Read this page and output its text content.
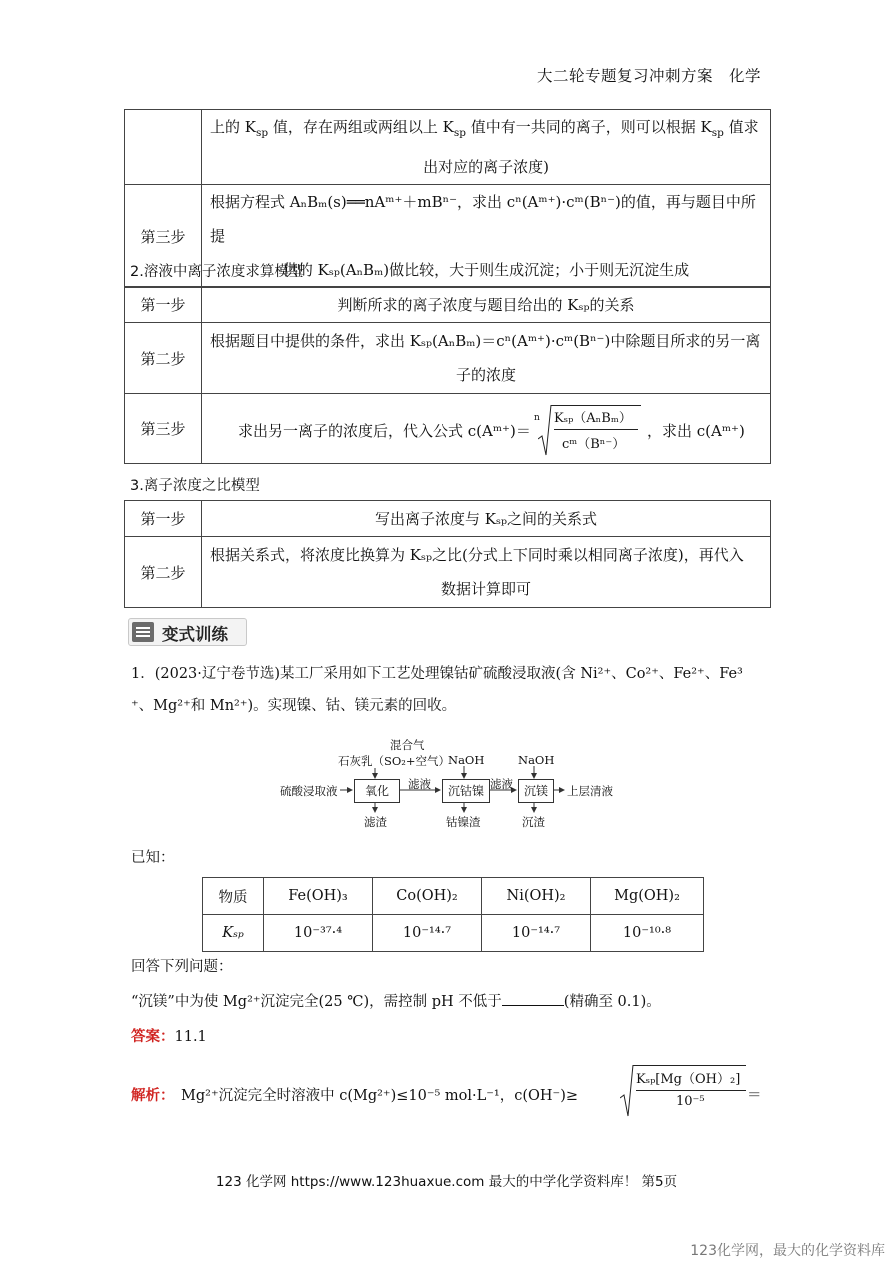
大二轮专题复习冲刺方案　化学

	上的 $K_{sp}$ 值，存在两组或两组以上 $K_{sp}$ 值中有一共同的离子，则可以根据 $K_{sp}$ 值求
出对应的离子浓度)

第三步	根据方程式 AₙBₘ(s)══nAᵐ⁺＋mBⁿ⁻，求出 cⁿ(Aᵐ⁺)·cᵐ(Bⁿ⁻)的值，再与题目中所提
供的 Kₛₚ(AₙBₘ)做比较，大于则生成沉淀；小于则无沉淀生成
2.溶液中离子浓度求算模型
第一步	判断所求的离子浓度与题目给出的 Kₛₚ的关系
第二步	根据题目中提供的条件，求出 Kₛₚ(AₙBₘ)＝cⁿ(Aᵐ⁺)·cᵐ(Bⁿ⁻)中除题目所求的另一离
子的浓度

第三步	求出另一离子的浓度后，代入公式 c(Aᵐ⁺)＝
n Kₛₚ（AₙBₘ）
cᵐ（Bⁿ⁻）
，求出 c(Aᵐ⁺)
3.离子浓度之比模型
第一步	写出离子浓度与 Kₛₚ之间的关系式
第二步	根据关系式，将浓度比换算为 Kₛₚ之比(分式上下同时乘以相同离子浓度)，再代入
数据计算即可
变式训练
1．(2023·辽宁卷节选)某工厂采用如下工艺处理镍钴矿硫酸浸取液(含 Ni²⁺、Co²⁺、Fe²⁺、Fe³
⁺、Mg²⁺和 Mn²⁺)。实现镍、钴、镁元素的回收。
硫酸浸取液
混合气
石灰乳（SO₂+空气）
氧化	滤液
NaOH
沉钴镍 滤液
NaOH
沉镁	上层清液
滤渣	钴镍渣	沉渣
已知：
物质	Fe(OH)₃	Co(OH)₂	Ni(OH)₂	Mg(OH)₂
Kₛₚ	10⁻³⁷·⁴	10⁻¹⁴·⁷	10⁻¹⁴·⁷	10⁻¹⁰·⁸
回答下列问题：
“沉镁”中为使 Mg²⁺沉淀完全(25 ℃)，需控制 pH 不低于	(精确至 0.1)。
答案：11.1
解析： Mg²⁺沉淀完全时溶液中 c(Mg²⁺)≤10⁻⁵ mol·L⁻¹，c(OH⁻)≥
Kₛₚ[Mg（OH）₂]
10⁻⁵	＝
123 化学网 https://www.123huaxue.com 最大的中学化学资料库！ 第5页
123化学网，最大的化学资料库
